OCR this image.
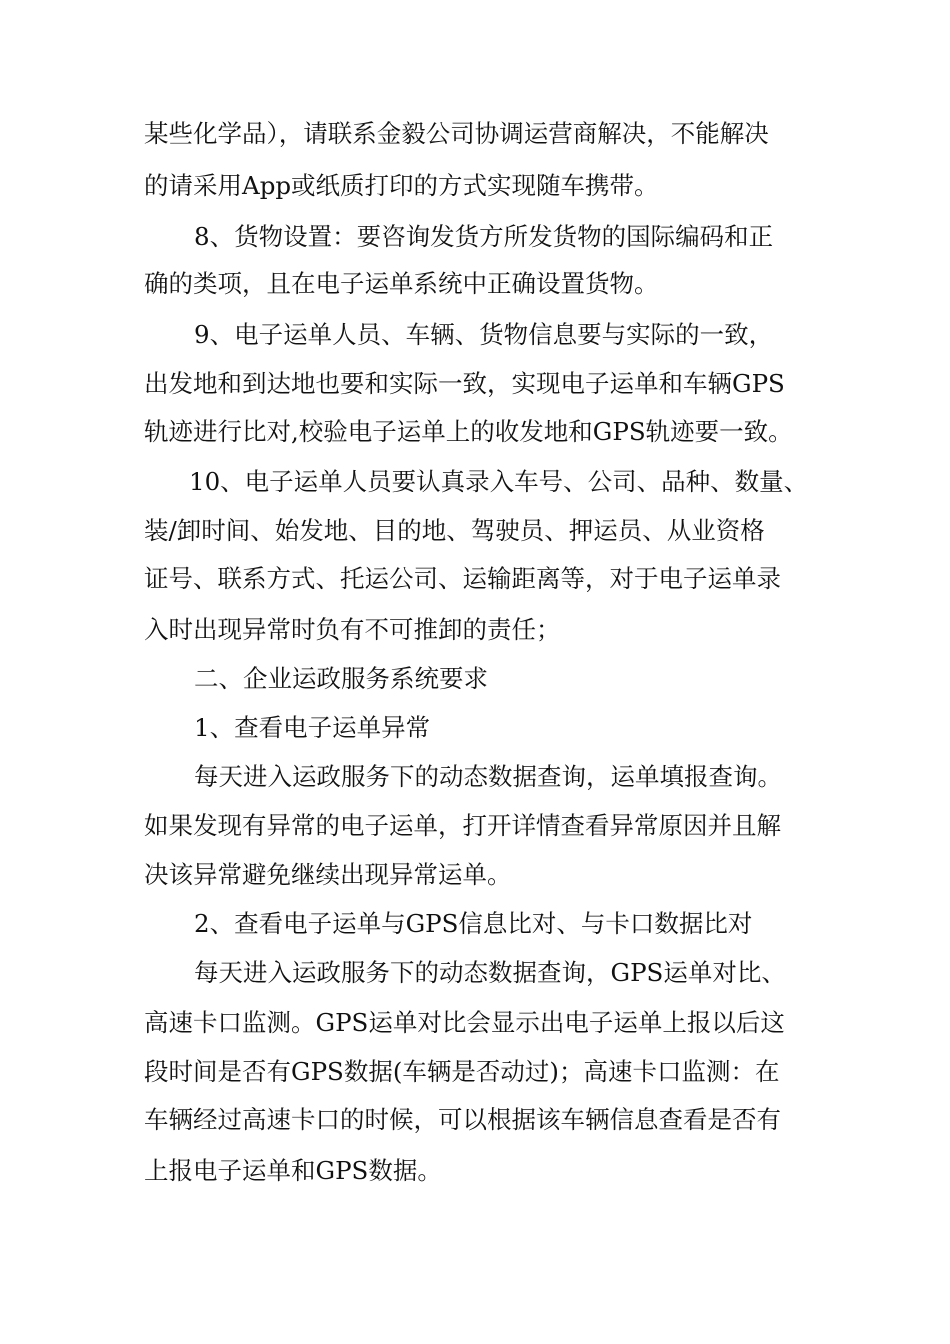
某些化学品），请联系金毅公司协调运营商解决，不能解决
的请采用App或纸质打印的方式实现随车携带。
8、货物设置：要咨询发货方所发货物的国际编码和正
确的类项，且在电子运单系统中正确设置货物。
9、电子运单人员、车辆、货物信息要与实际的一致，
出发地和到达地也要和实际一致，实现电子运单和车辆GPS
轨迹进行比对,校验电子运单上的收发地和GPS轨迹要一致。
10、电子运单人员要认真录入车号、公司、品种、数量、
装/卸时间、始发地、目的地、驾驶员、押运员、从业资格
证号、联系方式、托运公司、运输距离等，对于电子运单录
入时出现异常时负有不可推卸的责任；
二、企业运政服务系统要求
1、查看电子运单异常
每天进入运政服务下的动态数据查询，运单填报查询。
如果发现有异常的电子运单，打开详情查看异常原因并且解
决该异常避免继续出现异常运单。
2、查看电子运单与GPS信息比对、与卡口数据比对
每天进入运政服务下的动态数据查询，GPS运单对比、
高速卡口监测。GPS运单对比会显示出电子运单上报以后这
段时间是否有GPS数据(车辆是否动过)；高速卡口监测：在
车辆经过高速卡口的时候，可以根据该车辆信息查看是否有
上报电子运单和GPS数据。
